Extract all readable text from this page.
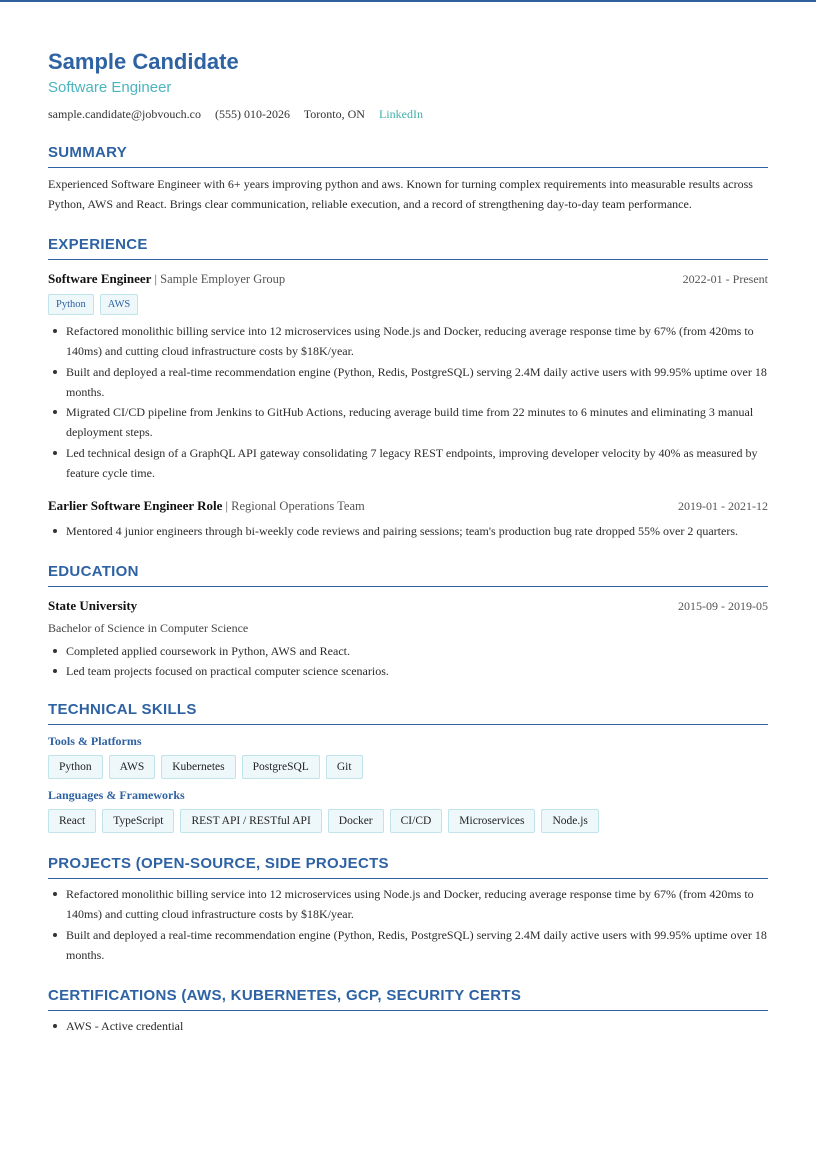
Sample Candidate
Software Engineer
sample.candidate@jobvouch.co (555) 010-2026 Toronto, ON LinkedIn
SUMMARY
Experienced Software Engineer with 6+ years improving python and aws. Known for turning complex requirements into measurable results across Python, AWS and React. Brings clear communication, reliable execution, and a record of strengthening day-to-day team performance.
EXPERIENCE
Software Engineer | Sample Employer Group	2022-01 - Present
Python	AWS
Refactored monolithic billing service into 12 microservices using Node.js and Docker, reducing average response time by 67% (from 420ms to 140ms) and cutting cloud infrastructure costs by $18K/year.
Built and deployed a real-time recommendation engine (Python, Redis, PostgreSQL) serving 2.4M daily active users with 99.95% uptime over 18 months.
Migrated CI/CD pipeline from Jenkins to GitHub Actions, reducing average build time from 22 minutes to 6 minutes and eliminating 3 manual deployment steps.
Led technical design of a GraphQL API gateway consolidating 7 legacy REST endpoints, improving developer velocity by 40% as measured by feature cycle time.
Earlier Software Engineer Role | Regional Operations Team	2019-01 - 2021-12
Mentored 4 junior engineers through bi-weekly code reviews and pairing sessions; team's production bug rate dropped 55% over 2 quarters.
EDUCATION
State University	2015-09 - 2019-05
Bachelor of Science in Computer Science
Completed applied coursework in Python, AWS and React.
Led team projects focused on practical computer science scenarios.
TECHNICAL SKILLS
Tools & Platforms
Python	AWS	Kubernetes	PostgreSQL	Git
Languages & Frameworks
React	TypeScript	REST API / RESTful API	Docker	CI/CD	Microservices	Node.js
PROJECTS (OPEN-SOURCE, SIDE PROJECTS
Refactored monolithic billing service into 12 microservices using Node.js and Docker, reducing average response time by 67% (from 420ms to 140ms) and cutting cloud infrastructure costs by $18K/year.
Built and deployed a real-time recommendation engine (Python, Redis, PostgreSQL) serving 2.4M daily active users with 99.95% uptime over 18 months.
CERTIFICATIONS (AWS, KUBERNETES, GCP, SECURITY CERTS
AWS - Active credential
